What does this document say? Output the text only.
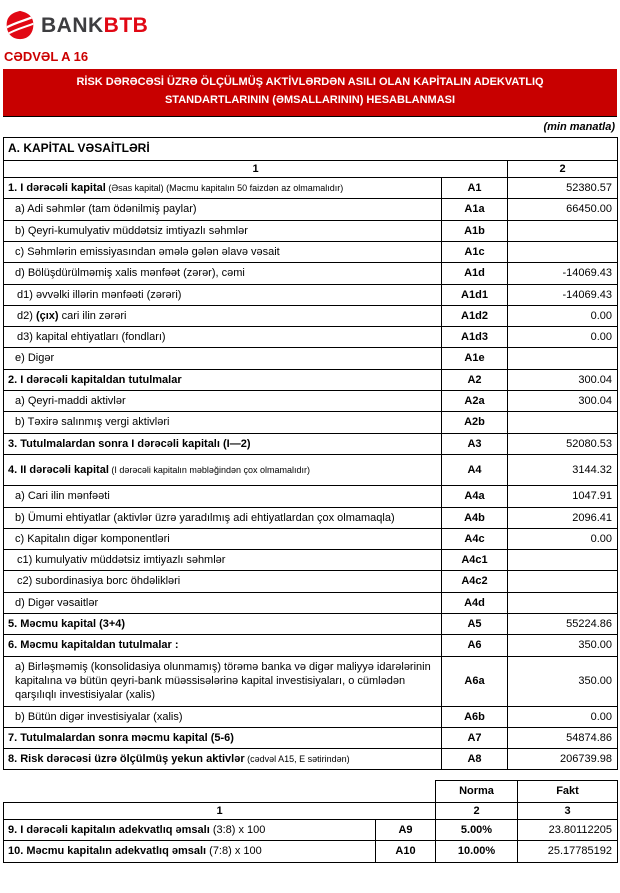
BANKBTB
CƏDVƏL A 16
RİSK DƏRƏCƏSİ ÜZRƏ ÖLÇÜLMÜŞ AKTİVLƏRDƏN ASILI OLAN KAPİTALIN ADEKVATLIQ
STANDARTLARININ (ƏMSALLARININ) HESABLANMASI
(min manatla)
A. KAPİTAL VƏSAİTLƏRİ		
1		2
1. I dərəcəli kapital (Əsas kapital) (Məcmu kapitalın 50 faizdən az olmamalıdır)	A1	52380.57
a) Adi səhmlər (tam ödənilmiş paylar)	A1a	66450.00
b) Qeyri-kumulyativ müddətsiz imtiyazlı səhmlər	A1b	
c) Səhmlərin emissiyasından əmələ gələn əlavə vəsait	A1c	
d) Bölüşdürülməmiş xalis mənfəət (zərər), cəmi	A1d	-14069.43
d1) əvvəlki illərin mənfəəti (zərəri)	A1d1	-14069.43
d2) (çıx) cari ilin zərəri	A1d2	0.00
d3) kapital ehtiyatları (fondları)	A1d3	0.00
e) Digər	A1e	
2. I dərəcəli kapitaldan tutulmalar	A2	300.04
a) Qeyri-maddi aktivlər	A2a	300.04
b) Təxirə salınmış vergi aktivləri	A2b	
3. Tutulmalardan sonra I dərəcəli kapitalı (I—2)	A3	52080.53
4. II dərəcəli kapital (I dərəcəli kapitalın məbləğindən çox olmamalıdır)	A4	3144.32
a) Cari ilin mənfəəti	A4a	1047.91
b) Ümumi ehtiyatlar (aktivlər üzrə yaradılmış adi ehtiyatlardan çox olmamaqla)	A4b	2096.41
c) Kapitalın digər komponentləri	A4c	0.00
c1) kumulyativ müddətsiz imtiyazlı səhmlər	A4c1	
c2) subordinasiya borc öhdəlikləri	A4c2	
d) Digər vəsaitlər	A4d	
5. Məcmu kapital (3+4)	A5	55224.86
6. Məcmu kapitaldan tutulmalar :	A6	350.00
a) Birləşməmiş (konsolidasiya olunmamış) törəmə banka və digər maliyyə idarələrinin kapitalına və bütün qeyri-bank müəssisələrinə kapital investisiyaları, o cümlədən qarşılıqlı investisiyalar (xalis)	A6a	350.00
b) Bütün digər investisiyalar (xalis)	A6b	0.00
7. Tutulmalardan sonra məcmu kapital (5-6)	A7	54874.86
8. Risk dərəcəsi üzrə ölçülmüş yekun aktivlər (cədvəl A15, E sətirindən)	A8	206739.98
		Norma	Fakt
1		2	3
9. I dərəcəli kapitalın adekvatlıq əmsalı (3:8) x 100	A9	5.00%	23.80112205
10. Məcmu kapitalın adekvatlıq əmsalı (7:8) x 100	A10	10.00%	25.17785192
